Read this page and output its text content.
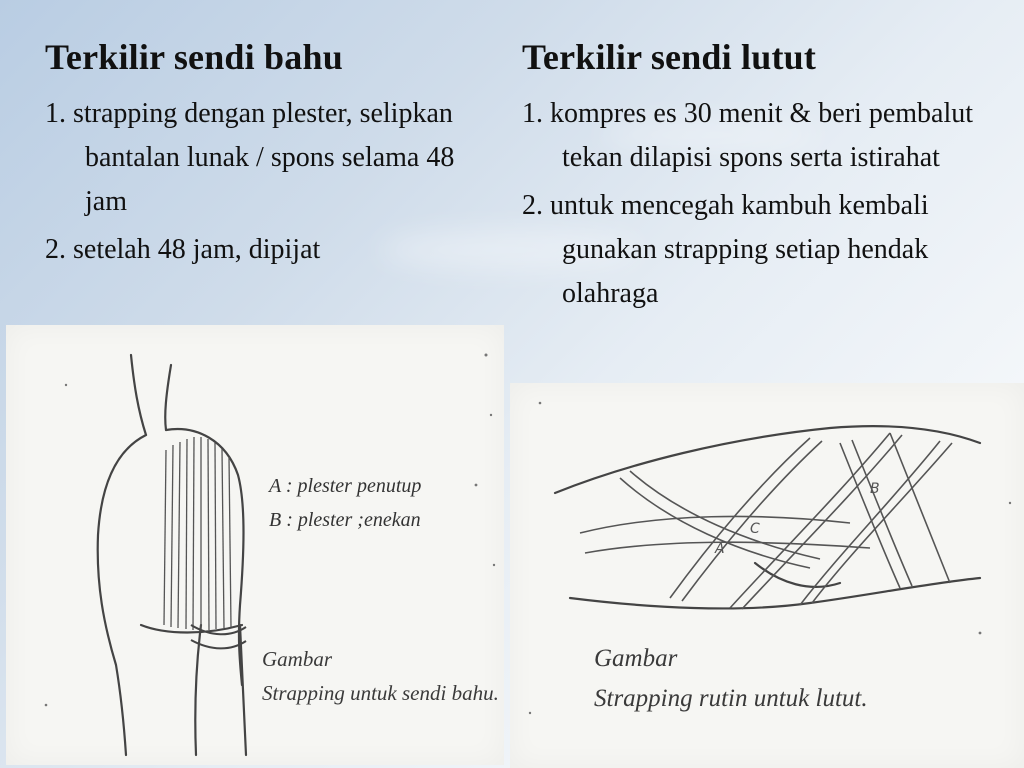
Terkilir sendi bahu
1. strapping dengan plester, selipkan bantalan lunak / spons selama 48 jam
2. setelah 48 jam, dipijat
Terkilir sendi lutut
1. kompres es 30 menit & beri pembalut tekan dilapisi spons serta istirahat
2. untuk mencegah kambuh kembali gunakan strapping setiap hendak olahraga
A : plester penutup
B : plester ;enekan
Gambar
Strapping untuk sendi bahu.
C
B
A
Gambar
Strapping rutin untuk lutut.
